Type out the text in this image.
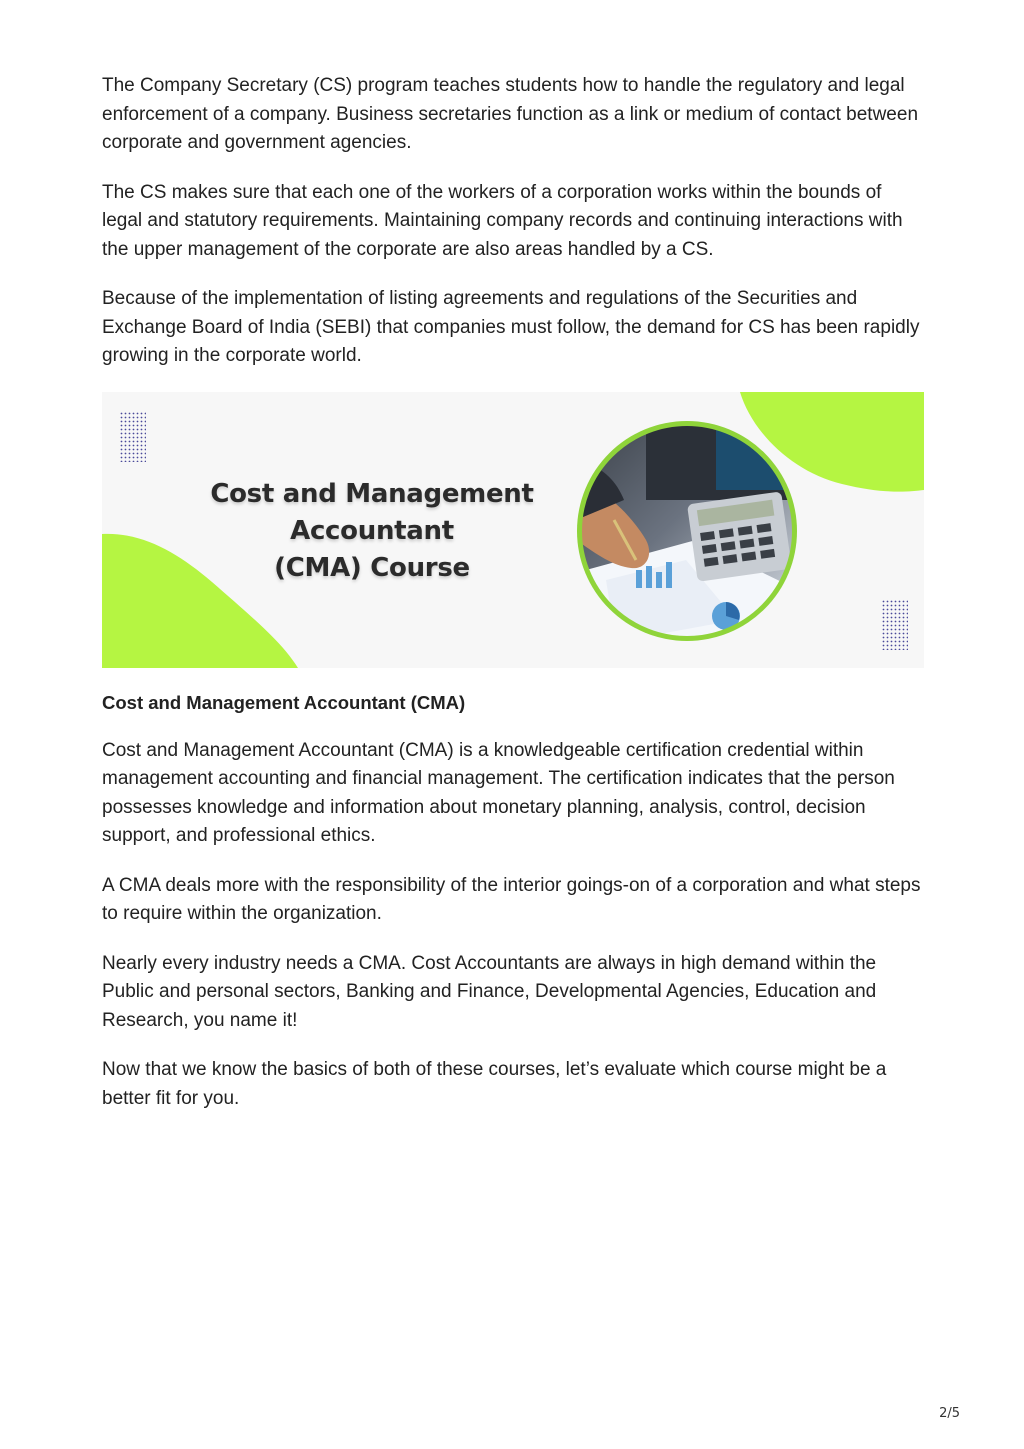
The Company Secretary (CS) program teaches students how to handle the regulatory and legal enforcement of a company. Business secretaries function as a link or medium of contact between corporate and government agencies.

The CS makes sure that each one of the workers of a corporation works within the bounds of legal and statutory requirements. Maintaining company records and continuing interactions with the upper management of the corporate are also areas handled by a CS.

Because of the implementation of listing agreements and regulations of the Securities and Exchange Board of India (SEBI) that companies must follow, the demand for CS has been rapidly growing in the corporate world.

Cost and Management
Accountant
(CMA) Course

Cost and Management Accountant (CMA)

Cost and Management Accountant (CMA) is a knowledgeable certification credential within management accounting and financial management. The certification indicates that the person possesses knowledge and information about monetary planning, analysis, control, decision support, and professional ethics.

A CMA deals more with the responsibility of the interior goings-on of a corporation and what steps to require within the organization.

Nearly every industry needs a CMA. Cost Accountants are always in high demand within the Public and personal sectors, Banking and Finance, Developmental Agencies, Education and Research, you name it!

Now that we know the basics of both of these courses, let’s evaluate which course might be a better fit for you.

2/5
